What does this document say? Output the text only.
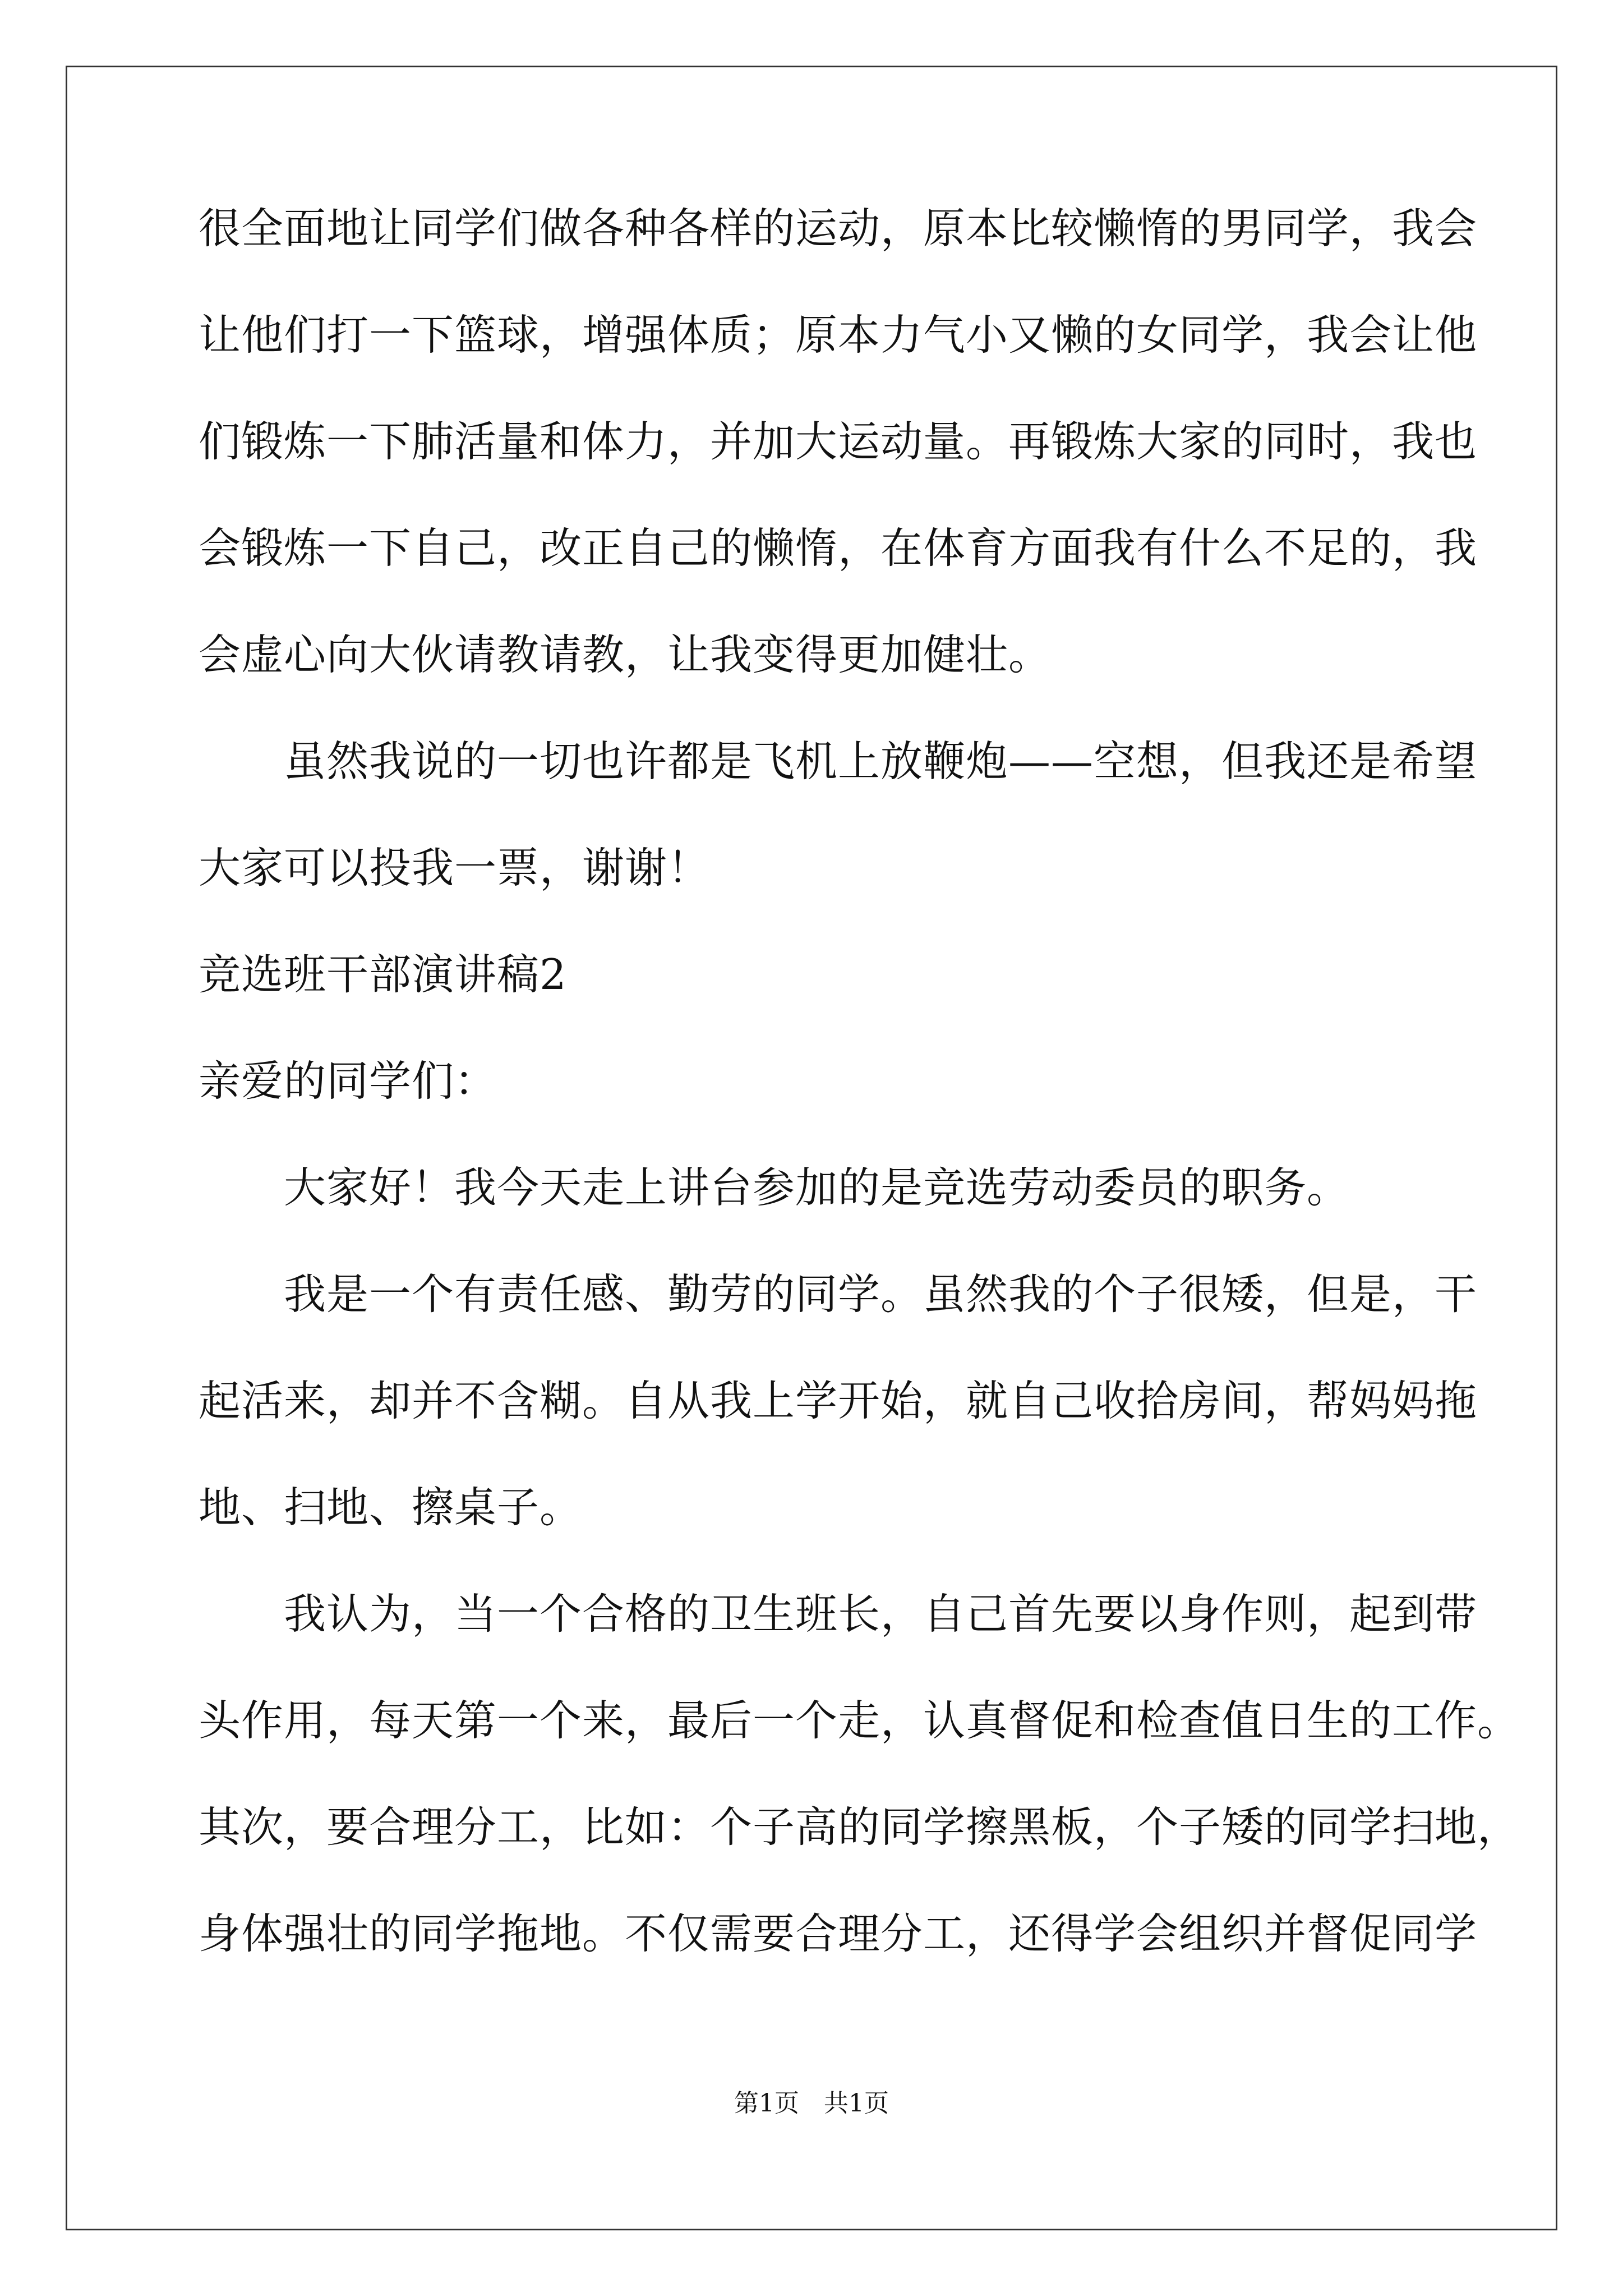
很全面地让同学们做各种各样的运动，原本比较懒惰的男同学，我会
让他们打一下篮球，增强体质；原本力气小又懒的女同学，我会让他
们锻炼一下肺活量和体力，并加大运动量。再锻炼大家的同时，我也
会锻炼一下自己，改正自己的懒惰，在体育方面我有什么不足的，我
会虚心向大伙请教请教，让我变得更加健壮。
　　虽然我说的一切也许都是飞机上放鞭炮——空想，但我还是希望
大家可以投我一票，谢谢！
竞选班干部演讲稿2
亲爱的同学们：
　　大家好！我今天走上讲台参加的是竞选劳动委员的职务。
　　我是一个有责任感、勤劳的同学。虽然我的个子很矮，但是，干
起活来，却并不含糊。自从我上学开始，就自己收拾房间，帮妈妈拖
地、扫地、擦桌子。
　　我认为，当一个合格的卫生班长，自己首先要以身作则，起到带
头作用，每天第一个来，最后一个走，认真督促和检查值日生的工作。
其次，要合理分工，比如：个子高的同学擦黑板，个子矮的同学扫地，
身体强壮的同学拖地。不仅需要合理分工，还得学会组织并督促同学
第1页　共1页
